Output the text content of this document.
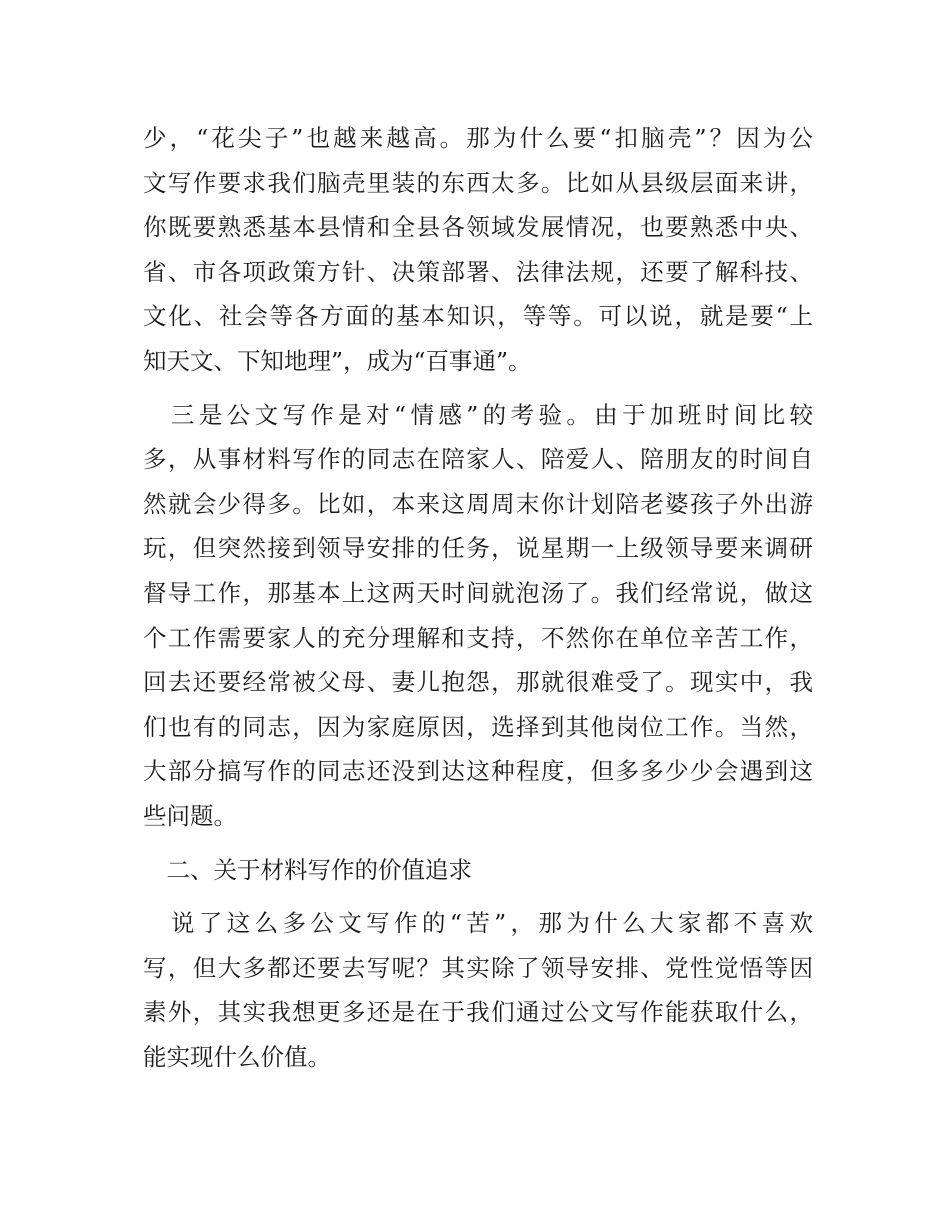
少，“花尖子”也越来越高。那为什么要“扣脑壳”？因为公
文写作要求我们脑壳里装的东西太多。比如从县级层面来讲，
你既要熟悉基本县情和全县各领域发展情况，也要熟悉中央、
省、市各项政策方针、决策部署、法律法规，还要了解科技、
文化、社会等各方面的基本知识，等等。可以说，就是要“上
知天文、下知地理”，成为“百事通”。
　三是公文写作是对“情感”的考验。由于加班时间比较
多，从事材料写作的同志在陪家人、陪爱人、陪朋友的时间自
然就会少得多。比如，本来这周周末你计划陪老婆孩子外出游
玩，但突然接到领导安排的任务，说星期一上级领导要来调研
督导工作，那基本上这两天时间就泡汤了。我们经常说，做这
个工作需要家人的充分理解和支持，不然你在单位辛苦工作，
回去还要经常被父母、妻儿抱怨，那就很难受了。现实中，我
们也有的同志，因为家庭原因，选择到其他岗位工作。当然，
大部分搞写作的同志还没到达这种程度，但多多少少会遇到这
些问题。
　二、关于材料写作的价值追求
　说了这么多公文写作的“苦”，那为什么大家都不喜欢
写，但大多都还要去写呢？其实除了领导安排、党性觉悟等因
素外，其实我想更多还是在于我们通过公文写作能获取什么，
能实现什么价值。
